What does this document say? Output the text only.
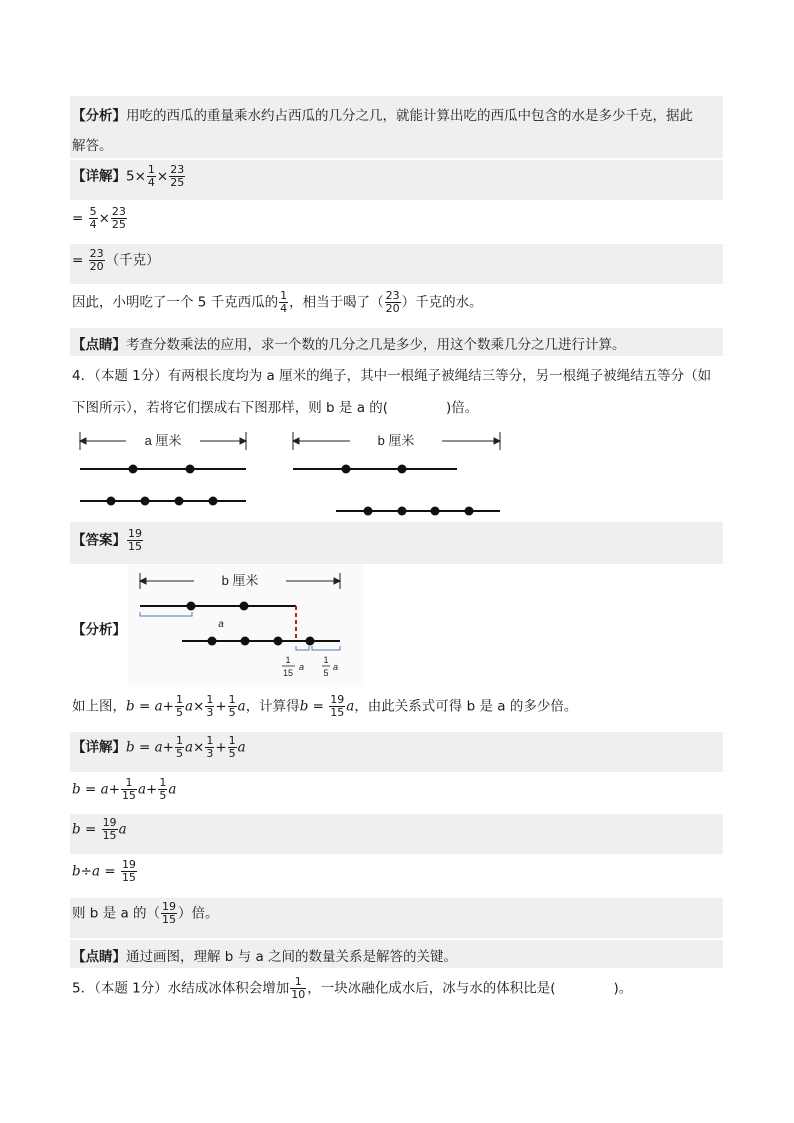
【分析】用吃的西瓜的重量乘水约占西瓜的几分之几，就能计算出吃的西瓜中包含的水是多少千克，据此
解答。
【详解】$5\times \frac{1}{4} \times \frac{23}{25}$
= $\frac{5}{4} \times \frac{23}{25}$
= $\frac{23}{20}$ （千克）
因此，小明吃了一个 5 千克西瓜的 $\frac{1}{4}$ ，相当于喝了（ $\frac{23}{20}$ ）千克的水。
【点睛】考查分数乘法的应用，求一个数的几分之几是多少，用这个数乘几分之几进行计算。
4．（本题 1分）有两根长度均为 a 厘米的绳子，其中一根绳子被绳结三等分，另一根绳子被绳结五等分（如
下图所示），若将它们摆成右下图那样，则 b 是 a 的(	)倍。
a 厘米	b 厘米
【答案】 $\frac{19}{15}$
【分析】
b 厘米
a
1
15
a
1
5
a
如上图，$b = a+ \frac{1}{5} a\times \frac{1}{3} + \frac{1}{5}$ a，计算得$b = \frac{19}{15}$ a，由此关系式可得 b 是 a 的多少倍。
【详解】$b = a+ \frac{1}{5} a\times \frac{1}{3} + \frac{1}{5}$ a
$b = a+ \frac{1}{15} a+ \frac{1}{5}$ a
$b = \frac{19}{15}$ a
$b\div a = \frac{19}{15}$
则 b 是 a 的（ $\frac{19}{15}$ ）倍。
【点睛】通过画图，理解 b 与 a 之间的数量关系是解答的关键。
5．（本题 1分）水结成冰体积会增加 $\frac{1}{10}$ ，一块冰融化成水后，冰与水的体积比是(	)。
